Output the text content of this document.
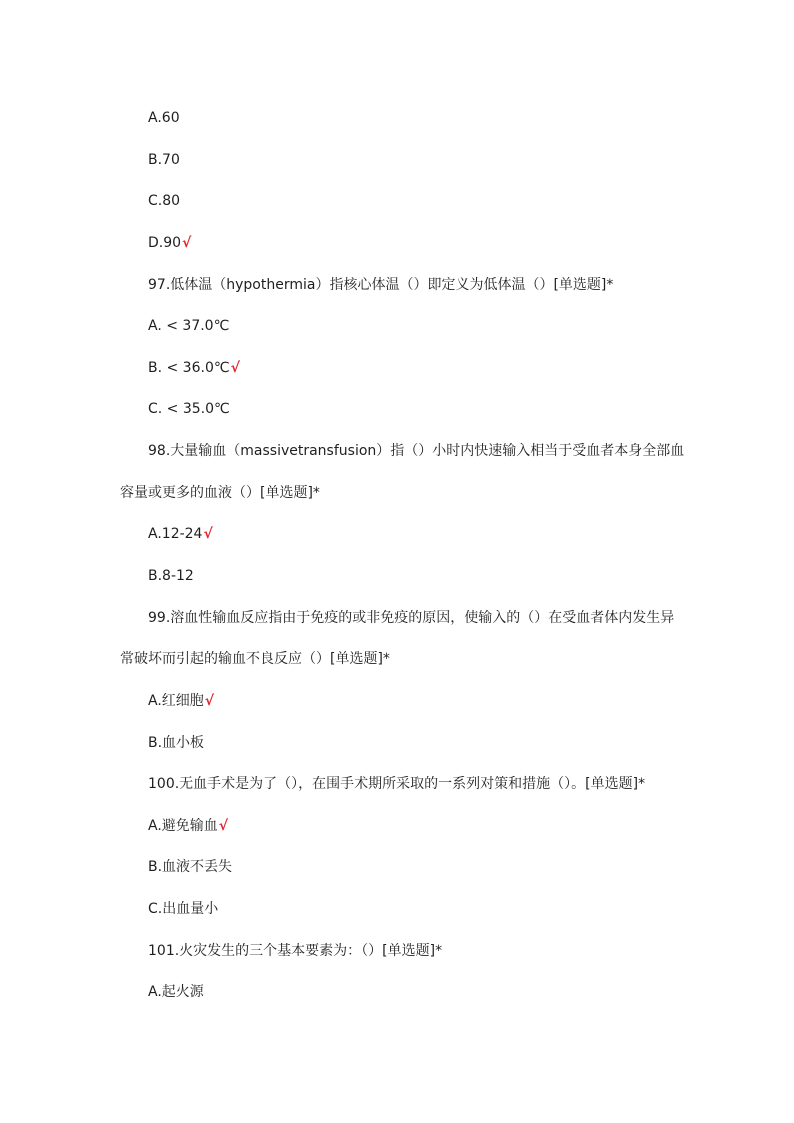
A.60
B.70
C.80
D.90√
97.低体温（hypothermia）指核心体温（）即定义为低体温（）[单选题]*
A. < 37.0℃
B. < 36.0℃√
C. < 35.0℃
98.大量输血（massivetransfusion）指（）小时内快速输入相当于受血者本身全部血
容量或更多的血液（）[单选题]*
A.12-24√
B.8-12
99.溶血性输血反应指由于免疫的或非免疫的原因，使输入的（）在受血者体内发生异
常破坏而引起的输血不良反应（）[单选题]*
A.红细胞√
B.血小板
100.无血手术是为了（），在围手术期所采取的一系列对策和措施（）。[单选题]*
A.避免输血√
B.血液不丢失
C.出血量小
101.火灾发生的三个基本要素为：（）[单选题]*
A.起火源
